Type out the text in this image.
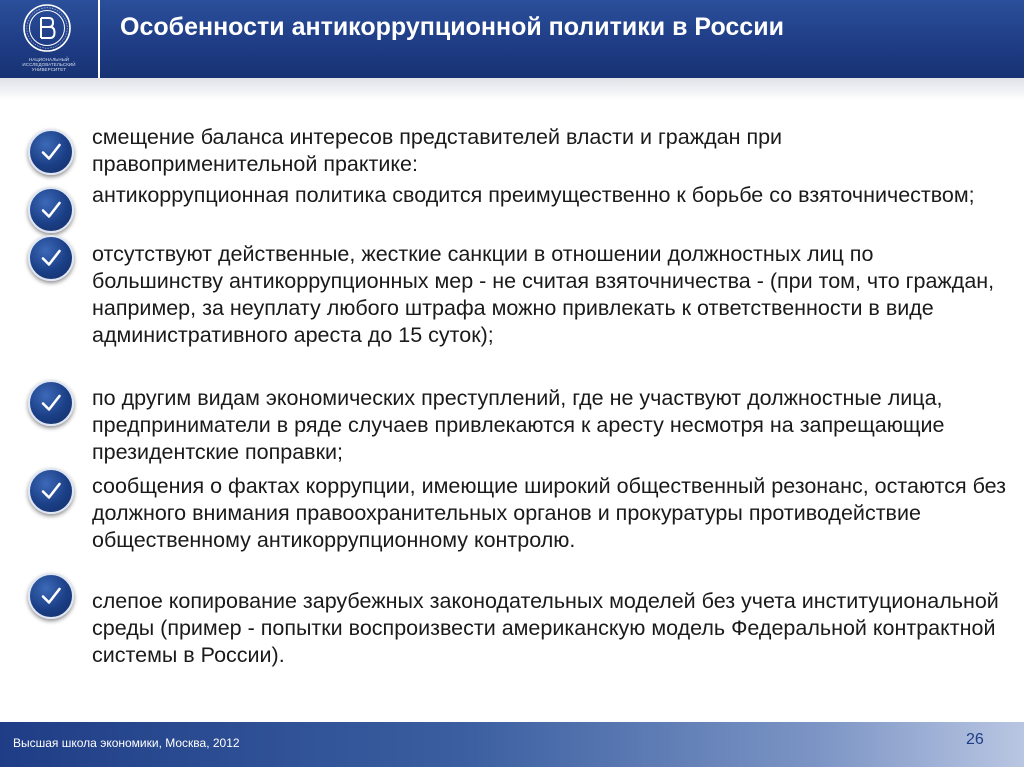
НАЦИОНАЛЬНЫЙ ИССЛЕДОВАТЕЛЬСКИЙ УНИВЕРСИТЕТ
Особенности антикоррупционной политики в России
смещение баланса интересов представителей власти и граждан при правоприменительной практике:
антикоррупционная политика сводится преимущественно к борьбе со взяточничеством;
отсутствуют действенные, жесткие санкции в отношении должностных лиц по большинству антикоррупционных мер - не считая взяточничества - (при том, что граждан, например, за неуплату любого штрафа можно привлекать к ответственности в виде административного ареста до 15 суток);
по другим видам экономических преступлений, где не участвуют должностные лица, предприниматели в ряде случаев привлекаются к аресту несмотря на запрещающие президентские поправки;
сообщения о фактах коррупции, имеющие широкий общественный резонанс, остаются без должного внимания правоохранительных органов и прокуратуры противодействие общественному антикоррупционному контролю.
слепое копирование зарубежных законодательных моделей без учета институциональной среды (пример - попытки воспроизвести американскую модель Федеральной контрактной системы в России).
Высшая школа экономики, Москва, 2012	26
